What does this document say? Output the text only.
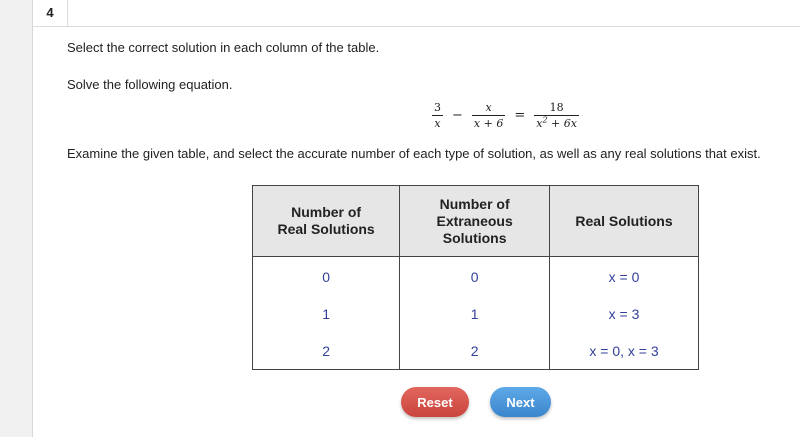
4
Select the correct solution in each column of the table.
Solve the following equation.
$\frac{3}{x} - \frac{x}{x + 6} = \frac{18}{x^2 + 6x}$
Examine the given table, and select the accurate number of each type of solution, as well as any real solutions that exist.
Number of
Real Solutions	Number of
Extraneous
Solutions	Real Solutions
0	0	x = 0
1	1	x = 3
2	2	x = 0, x = 3
Reset	Next
